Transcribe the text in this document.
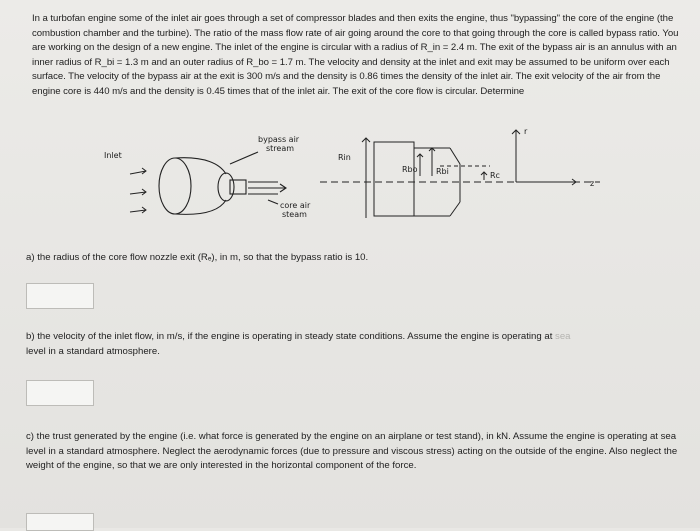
In a turbofan engine some of the inlet air goes through a set of compressor blades and then exits the engine, thus "bypassing" the core of the engine (the combustion chamber and the turbine). The ratio of the mass flow rate of air going around the core to that going through the core is called bypass ratio. You are working on the design of a new engine. The inlet of the engine is circular with a radius of R_in = 2.4 m. The exit of the bypass air is an annulus with an inner radius of R_bi = 1.3 m and an outer radius of R_bo = 1.7 m. The velocity and density at the inlet and exit may be assumed to be uniform over each surface. The velocity of the bypass air at the exit is 300 m/s and the density is 0.86 times the density of the inlet air. The exit velocity of the air from the engine core is 440 m/s and the density is 0.45 times that of the inlet air. The exit of the core flow is circular. Determine

Inlet
bypass air
stream
core air
steam
Rin
Rbo Rbi	Rc
r
z

a) the radius of the core flow nozzle exit (Rₑ), in m, so that the bypass ratio is 10.

b) the velocity of the inlet flow, in m/s, if the engine is operating in steady state conditions. Assume the engine is operating at sea
level in a standard atmosphere.

c) the trust generated by the engine (i.e. what force is generated by the engine on an airplane or test stand), in kN. Assume the engine is operating at sea level in a standard atmosphere. Neglect the aerodynamic forces (due to pressure and viscous stress) acting on the outside of the engine. Also neglect the weight of the engine, so that we are only interested in the horizontal component of the force.
